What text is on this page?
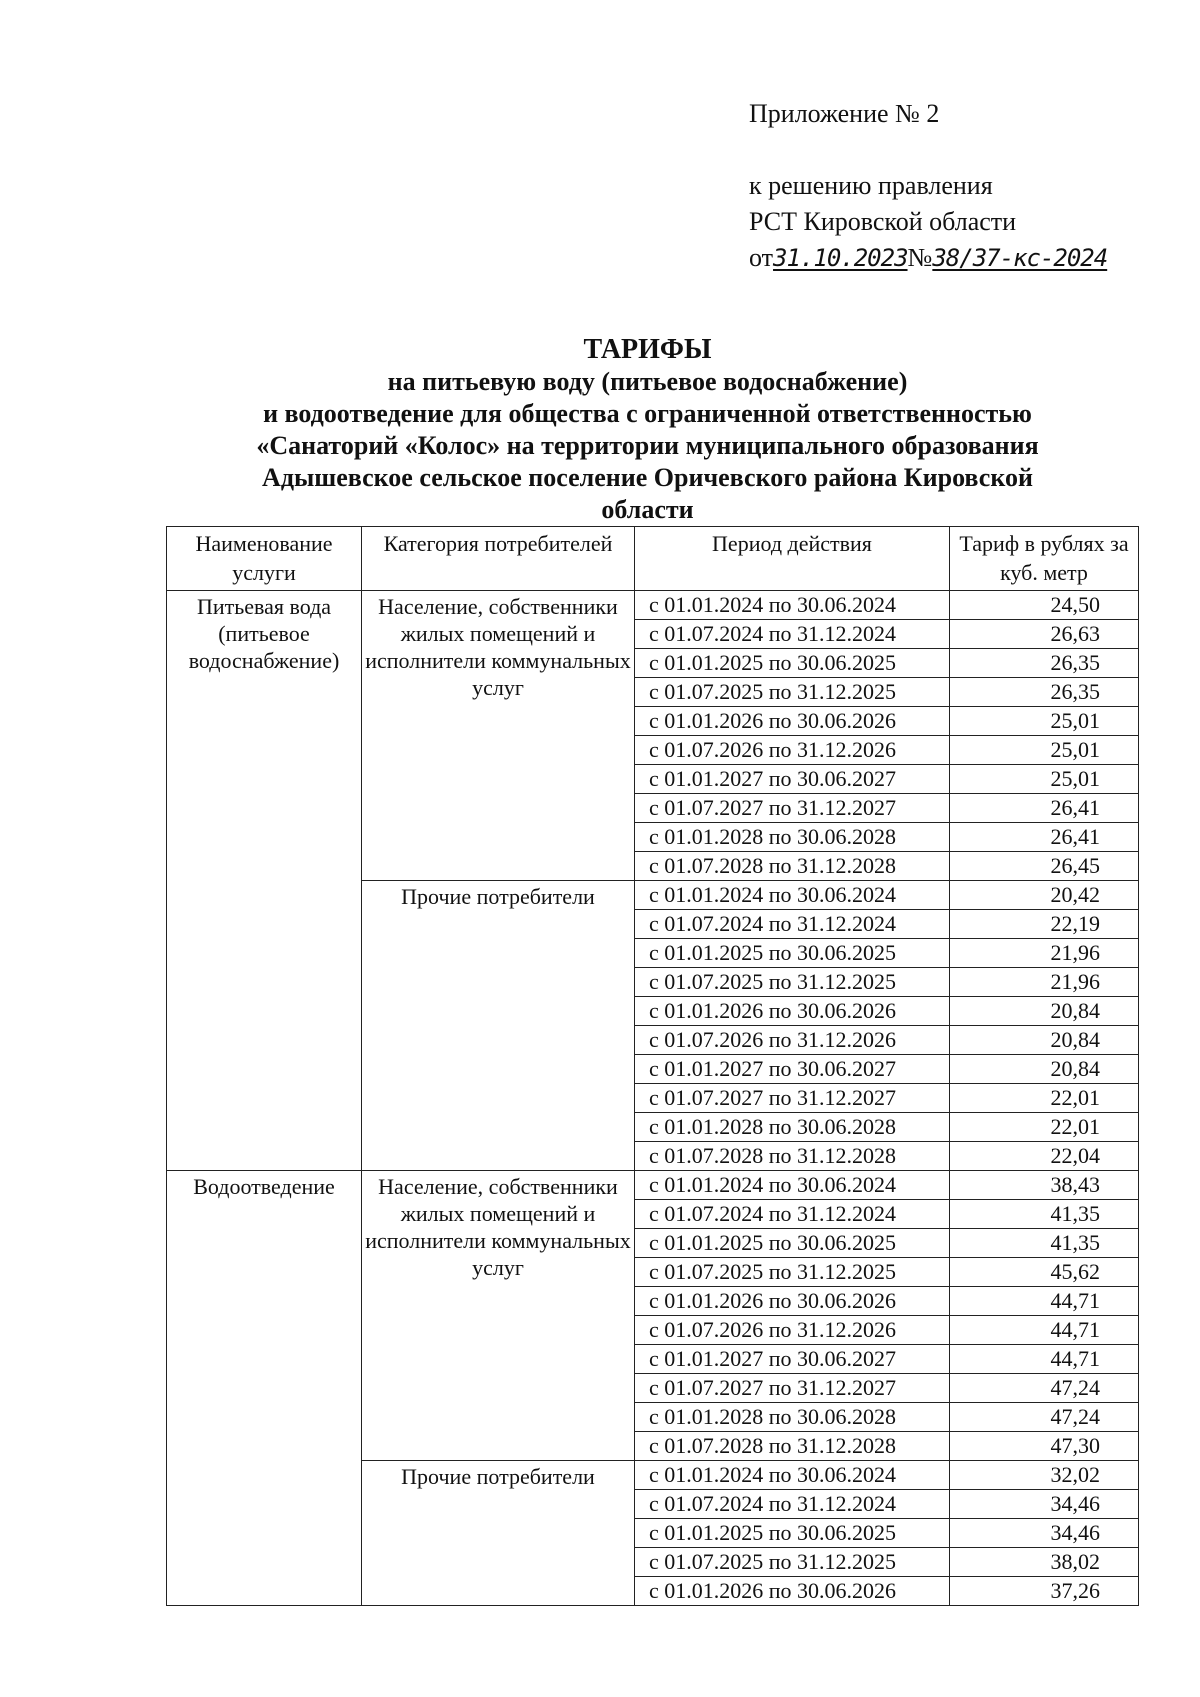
Приложение № 2
к решению правления
РСТ Кировской области
от31.10.2023№38/37-кс-2024
ТАРИФЫ
на питьевую воду (питьевое водоснабжение)
и водоотведение для общества с ограниченной ответственностью
«Санаторий «Колос» на территории муниципального образования
Адышевское сельское поселение Оричевского района Кировской
области
Наименование услуги	Категория потребителей	Период действия	Тариф в рублях за куб. метр
Питьевая вода (питьевое водоснабжение)	Население, собственники жилых помещений и исполнители коммунальных услуг	с 01.01.2024 по 30.06.2024	24,50
		с 01.07.2024 по 31.12.2024	26,63
		с 01.01.2025 по 30.06.2025	26,35
		с 01.07.2025 по 31.12.2025	26,35
		с 01.01.2026 по 30.06.2026	25,01
		с 01.07.2026 по 31.12.2026	25,01
		с 01.01.2027 по 30.06.2027	25,01
		с 01.07.2027 по 31.12.2027	26,41
		с 01.01.2028 по 30.06.2028	26,41
		с 01.07.2028 по 31.12.2028	26,45
	Прочие потребители	с 01.01.2024 по 30.06.2024	20,42
		с 01.07.2024 по 31.12.2024	22,19
		с 01.01.2025 по 30.06.2025	21,96
		с 01.07.2025 по 31.12.2025	21,96
		с 01.01.2026 по 30.06.2026	20,84
		с 01.07.2026 по 31.12.2026	20,84
		с 01.01.2027 по 30.06.2027	20,84
		с 01.07.2027 по 31.12.2027	22,01
		с 01.01.2028 по 30.06.2028	22,01
		с 01.07.2028 по 31.12.2028	22,04
Водоотведение	Население, собственники жилых помещений и исполнители коммунальных услуг	с 01.01.2024 по 30.06.2024	38,43
		с 01.07.2024 по 31.12.2024	41,35
		с 01.01.2025 по 30.06.2025	41,35
		с 01.07.2025 по 31.12.2025	45,62
		с 01.01.2026 по 30.06.2026	44,71
		с 01.07.2026 по 31.12.2026	44,71
		с 01.01.2027 по 30.06.2027	44,71
		с 01.07.2027 по 31.12.2027	47,24
		с 01.01.2028 по 30.06.2028	47,24
		с 01.07.2028 по 31.12.2028	47,30
	Прочие потребители	с 01.01.2024 по 30.06.2024	32,02
		с 01.07.2024 по 31.12.2024	34,46
		с 01.01.2025 по 30.06.2025	34,46
		с 01.07.2025 по 31.12.2025	38,02
		с 01.01.2026 по 30.06.2026	37,26
